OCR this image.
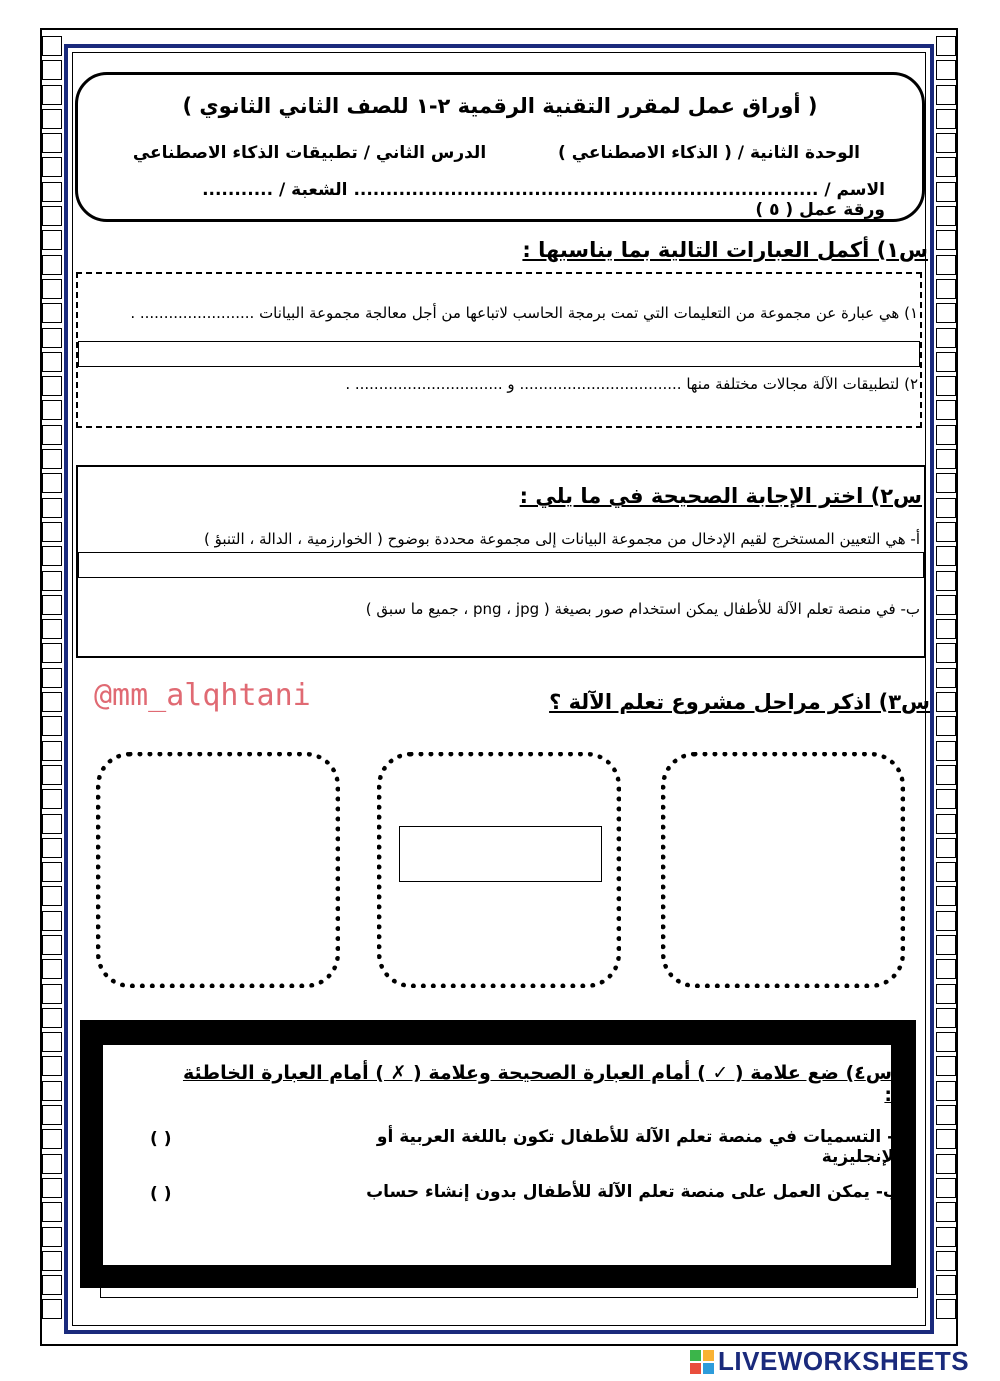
( أوراق عمل لمقرر التقنية الرقمية ٢-١ للصف الثاني الثانوي )
الوحدة الثانية / ( الذكاء الاصطناعي )  الدرس الثاني / تطبيقات الذكاء الاصطناعي
الاسم / ........................................................................ الشعبة / ...........  ورقة عمل ( ٥ )
س١) أكمل العبارات التالية بما يناسبها :
١) هي عبارة عن مجموعة من التعليمات التي تمت برمجة الحاسب لاتباعها من أجل معالجة مجموعة البيانات ........................ .
٢) لتطبيقات الآلة مجالات مختلفة منها .................................. و ............................... .
س٢) اختر الإجابة الصحيحة في ما يلي :
أ- هي التعيين المستخرج لقيم الإدخال من مجموعة البيانات إلى مجموعة محددة بوضوح ( الخوارزمية ، الدالة ، التنبؤ )
ب- في منصة تعلم الآلة للأطفال يمكن استخدام صور بصيغة ( png ، jpg ، جميع ما سبق )
@mm_alqhtani	س٣) اذكر مراحل مشروع تعلم الآلة ؟
س٤) ضع علامة ( ✓ ) أمام العبارة الصحيحة وعلامة ( ✗ ) أمام العبارة الخاطئة :
أ- التسميات في منصة تعلم الآلة للأطفال تكون باللغة العربية أو الإنجليزية
( )
ب- يمكن العمل على منصة تعلم الآلة للأطفال بدون إنشاء حساب
( )
LIVEWORKSHEETS
